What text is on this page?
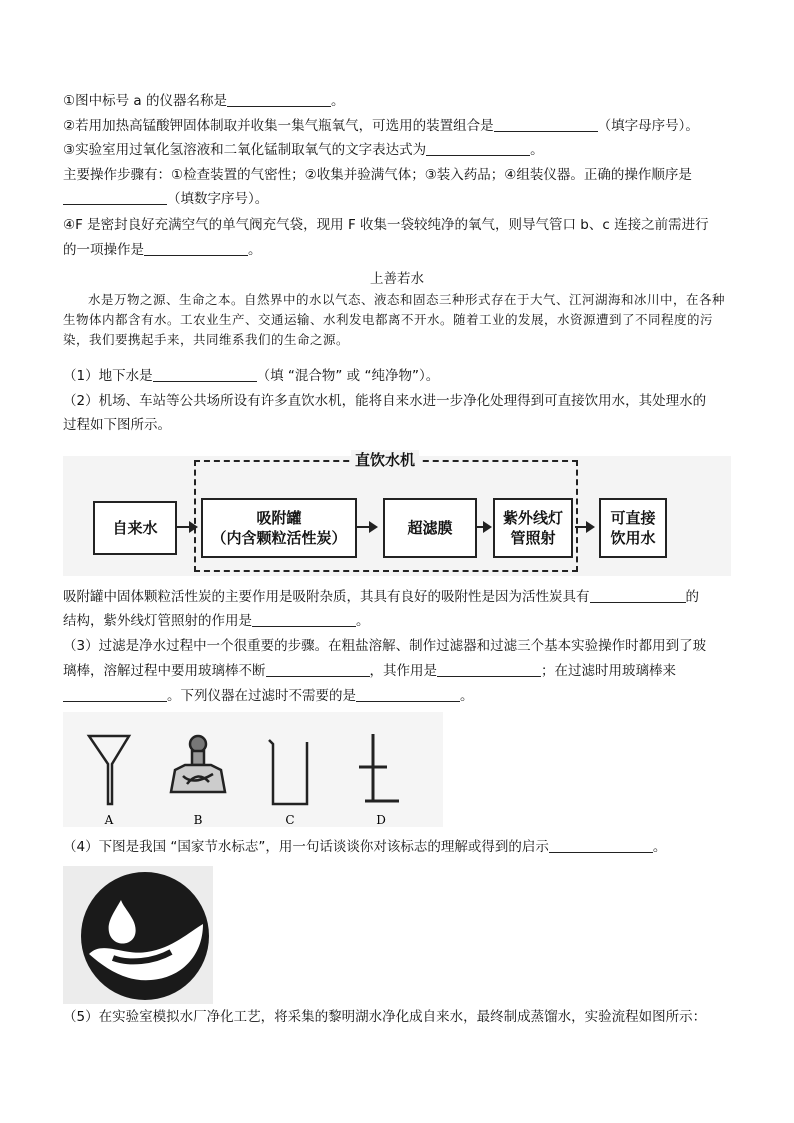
①图中标号 a 的仪器名称是	。
②若用加热高锰酸钾固体制取并收集一集气瓶氧气，可选用的装置组合是	（填字母序号）。
③实验室用过氧化氢溶液和二氧化锰制取氧气的文字表达式为	。
主要操作步骤有：①检查装置的气密性；②收集并验满气体；③装入药品；④组装仪器。正确的操作顺序是
（填数字序号）。
④F 是密封良好充满空气的单气阀充气袋，现用 F 收集一袋较纯净的氧气，则导气管口 b、c 连接之前需进行
的一项操作是	。
上善若水
水是万物之源、生命之本。自然界中的水以气态、液态和固态三种形式存在于大气、江河湖海和冰川中，在各种生物体内都含有水。工农业生产、交通运输、水利发电都离不开水。随着工业的发展，水资源遭到了不同程度的污染，我们要携起手来，共同维系我们的生命之源。
（1）地下水是	（填 “混合物” 或 “纯净物”）。
（2）机场、车站等公共场所设有许多直饮水机，能将自来水进一步净化处理得到可直接饮用水，其处理水的
过程如下图所示。
直饮水机
自来水
吸附罐
（内含颗粒活性炭）
超滤膜
紫外线灯
管照射
可直接
饮用水
吸附罐中固体颗粒活性炭的主要作用是吸附杂质，其具有良好的吸附性是因为活性炭具有	的
结构，紫外线灯管照射的作用是	。
（3）过滤是净水过程中一个很重要的步骤。在粗盐溶解、制作过滤器和过滤三个基本实验操作时都用到了玻
璃棒，溶解过程中要用玻璃棒不断	，其作用是	；在过滤时用玻璃棒来
。下列仪器在过滤时不需要的是	。
A	B	C	D
（4）下图是我国 “国家节水标志”，用一句话谈谈你对该标志的理解或得到的启示	。
（5）在实验室模拟水厂净化工艺，将采集的黎明湖水净化成自来水，最终制成蒸馏水，实验流程如图所示：
